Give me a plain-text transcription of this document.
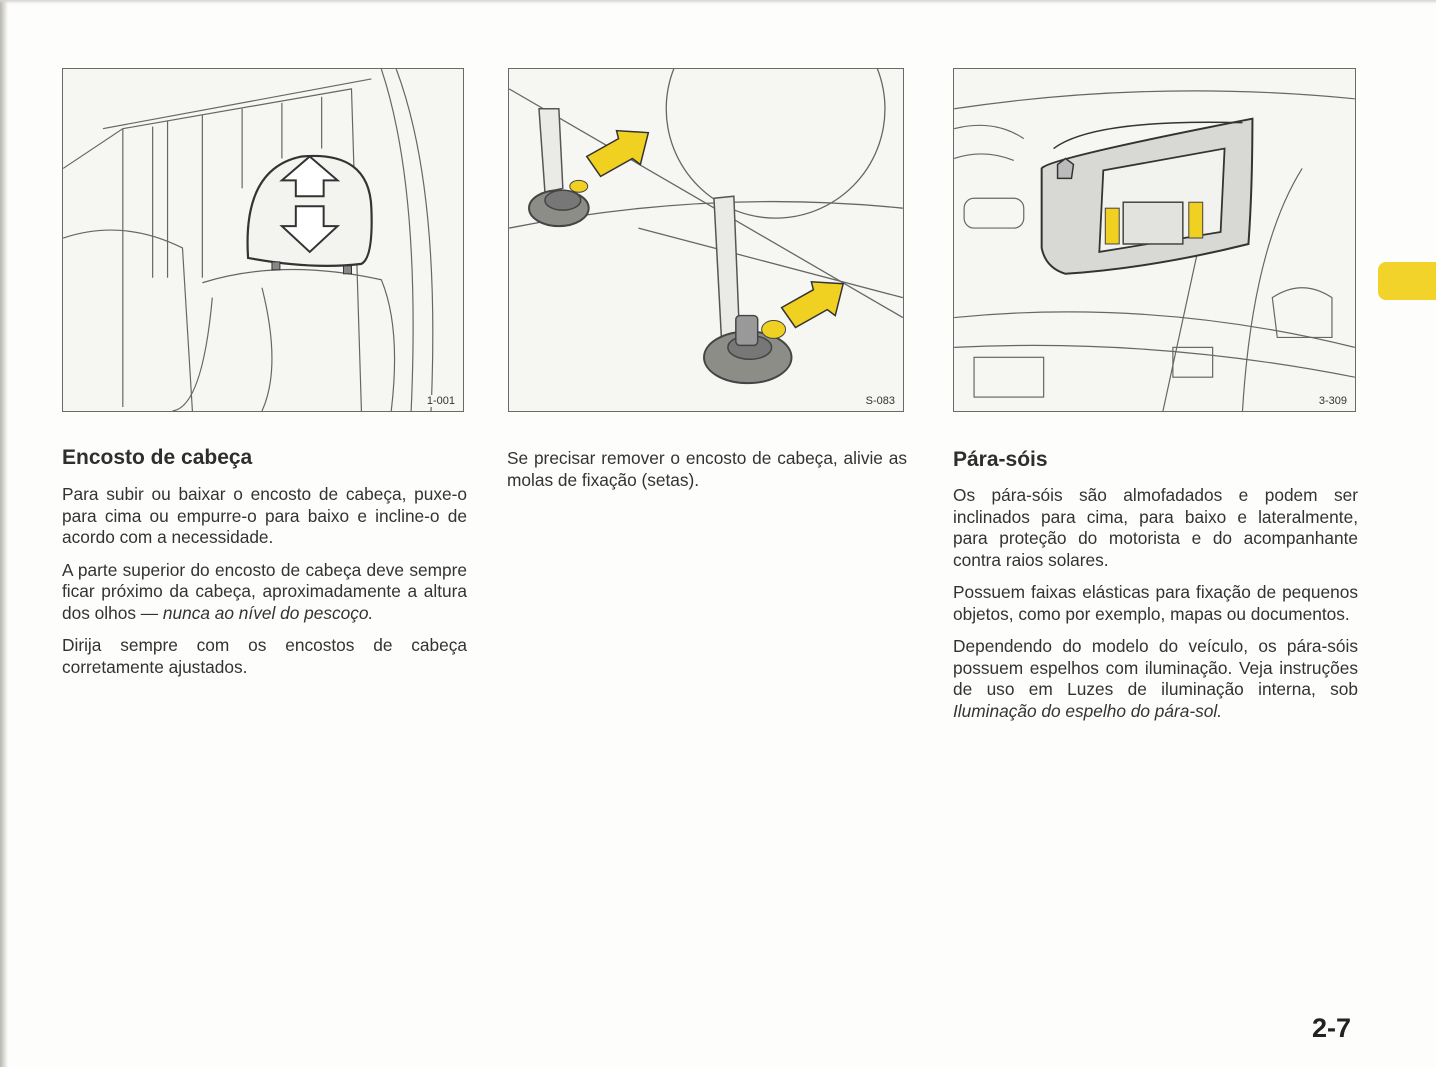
1-001	S-083	3-309
Encosto de cabeça

Para subir ou baixar o encosto de cabeça, puxe-o para cima ou empurre-o para baixo e incline-o de acordo com a necessidade.

A parte superior do encosto de cabeça deve sempre ficar próximo da cabeça, aproximadamente a altura dos olhos — nunca ao nível do pescoço.

Dirija sempre com os encostos de cabeça corretamente ajustados.

Se precisar remover o encosto de cabeça, alivie as molas de fixação (setas).

Pára-sóis

Os pára-sóis são almofadados e podem ser inclinados para cima, para baixo e lateralmente, para proteção do motorista e do acompanhante contra raios solares.

Possuem faixas elásticas para fixação de pequenos objetos, como por exemplo, mapas ou documentos.

Dependendo do modelo do veículo, os pára-sóis possuem espelhos com iluminação. Veja instruções de uso em Luzes de iluminação interna, sob Iluminação do espelho do pára-sol.

2-7
